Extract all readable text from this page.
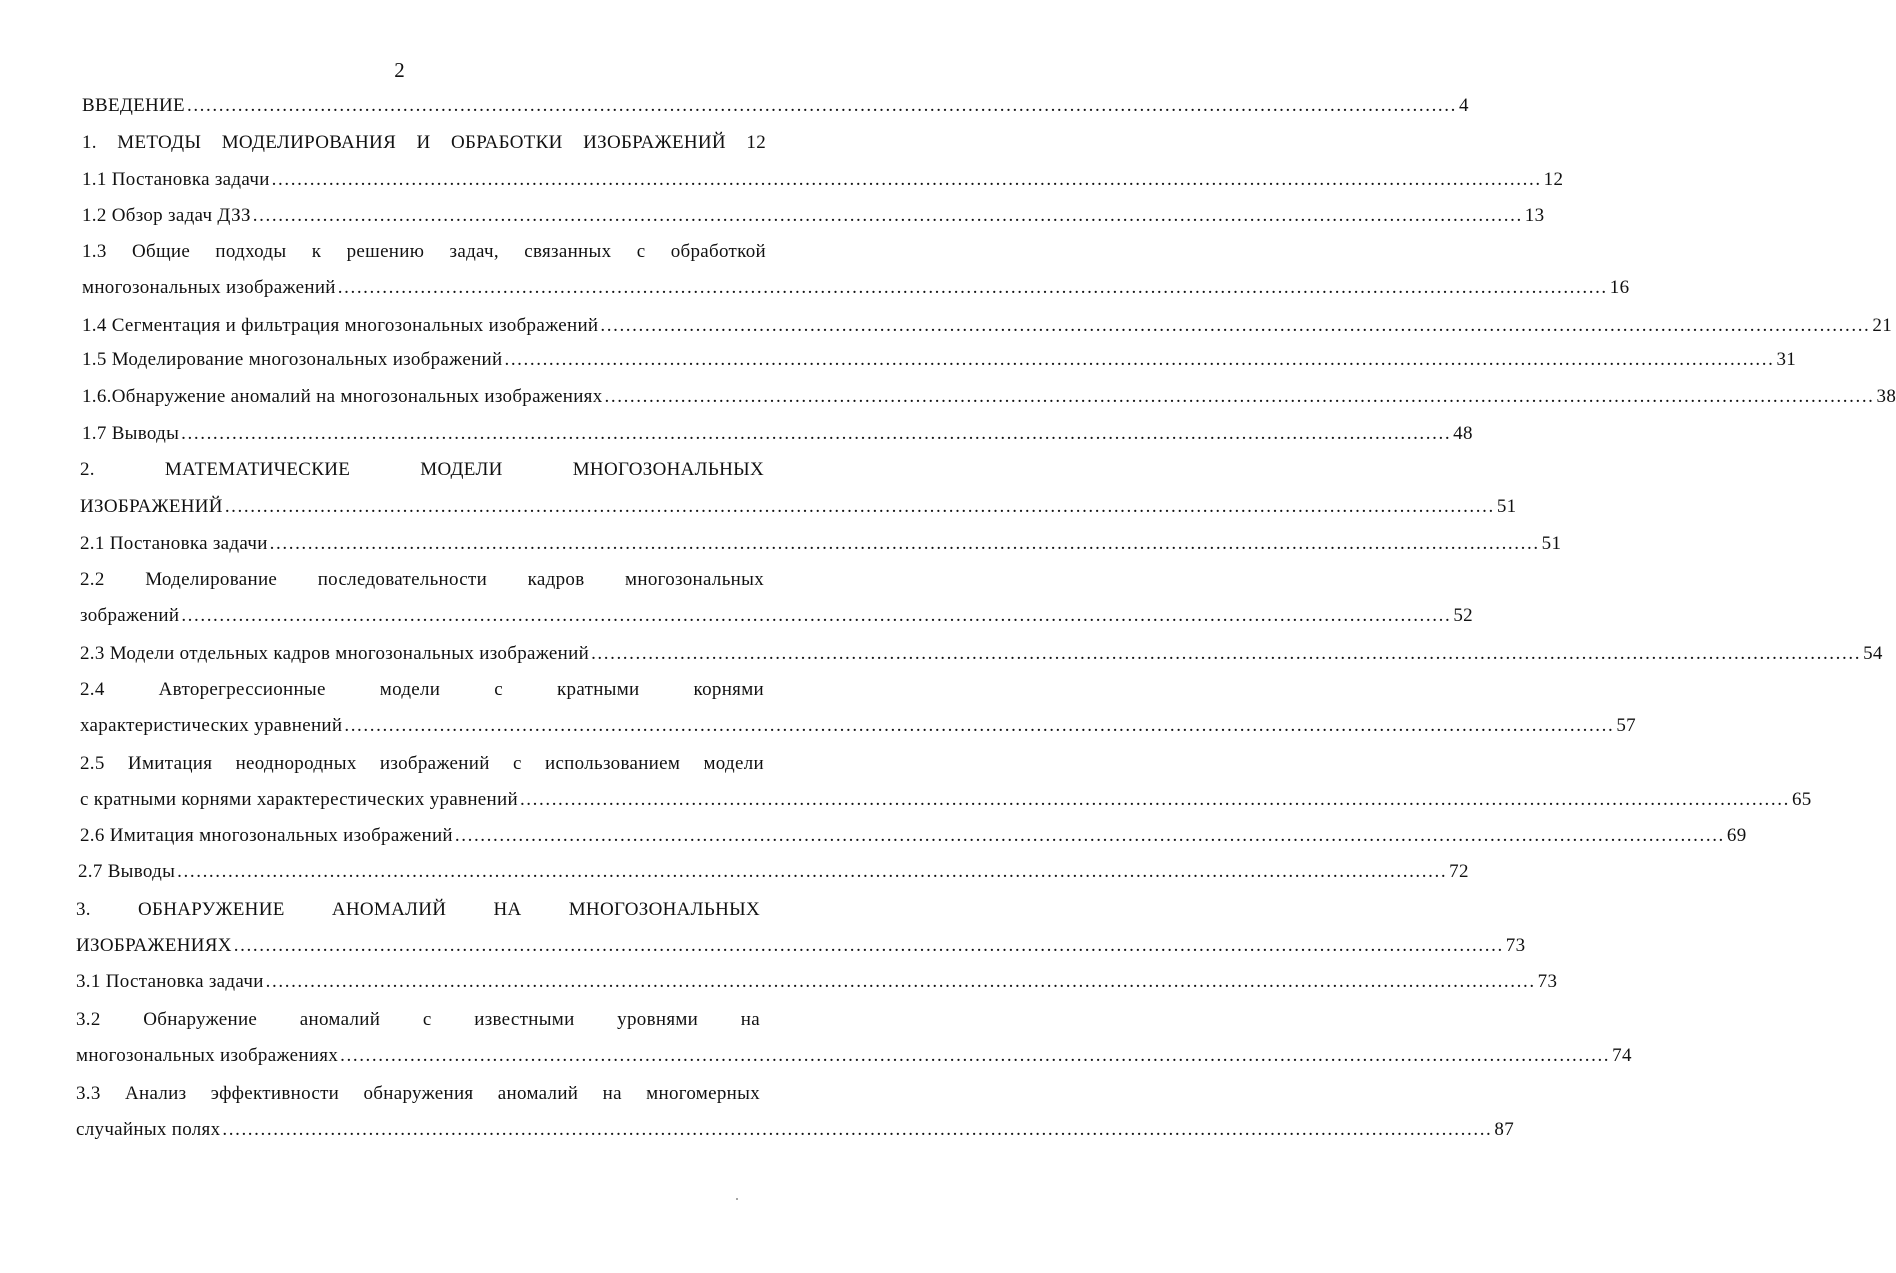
2
ВВЕДЕНИЕ ........................................................................................................................................................................................................ 4
1. МЕТОДЫ МОДЕЛИРОВАНИЯ И ОБРАБОТКИ ИЗОБРАЖЕНИЙ 12
1.1 Постановка задачи ........................................................................................................................................................................................................ 12
1.2 Обзор задач ДЗЗ ........................................................................................................................................................................................................ 13
1.3 Общие подходы к решению задач, связанных с обработкой
многозональных изображений ........................................................................................................................................................................................................ 16
1.4 Сегментация и фильтрация многозональных изображений ........................................................................................................................................................................................................ 21
1.5 Моделирование многозональных изображений ........................................................................................................................................................................................................ 31
1.6.Обнаружение аномалий на многозональных изображениях ........................................................................................................................................................................................................ 38
1.7 Выводы ........................................................................................................................................................................................................ 48
2. МАТЕМАТИЧЕСКИЕ МОДЕЛИ МНОГОЗОНАЛЬНЫХ
ИЗОБРАЖЕНИЙ ........................................................................................................................................................................................................ 51
2.1 Постановка задачи ........................................................................................................................................................................................................ 51
2.2 Моделирование последовательности кадров многозональных
зображений ........................................................................................................................................................................................................ 52
2.3 Модели отдельных кадров многозональных изображений ........................................................................................................................................................................................................ 54
2.4 Авторегрессионные модели с кратными корнями
характеристических уравнений ........................................................................................................................................................................................................ 57
2.5 Имитация неоднородных изображений с использованием модели
с кратными корнями характерестических уравнений ........................................................................................................................................................................................................ 65
2.6 Имитация многозональных изображений ........................................................................................................................................................................................................ 69
2.7 Выводы ........................................................................................................................................................................................................ 72
3. ОБНАРУЖЕНИЕ АНОМАЛИЙ НА МНОГОЗОНАЛЬНЫХ
ИЗОБРАЖЕНИЯХ ........................................................................................................................................................................................................ 73
3.1 Постановка задачи ........................................................................................................................................................................................................ 73
3.2 Обнаружение аномалий с известными уровнями на
многозональных изображениях ........................................................................................................................................................................................................ 74
3.3 Анализ эффективности обнаружения аномалий на многомерных
случайных полях ........................................................................................................................................................................................................ 87
